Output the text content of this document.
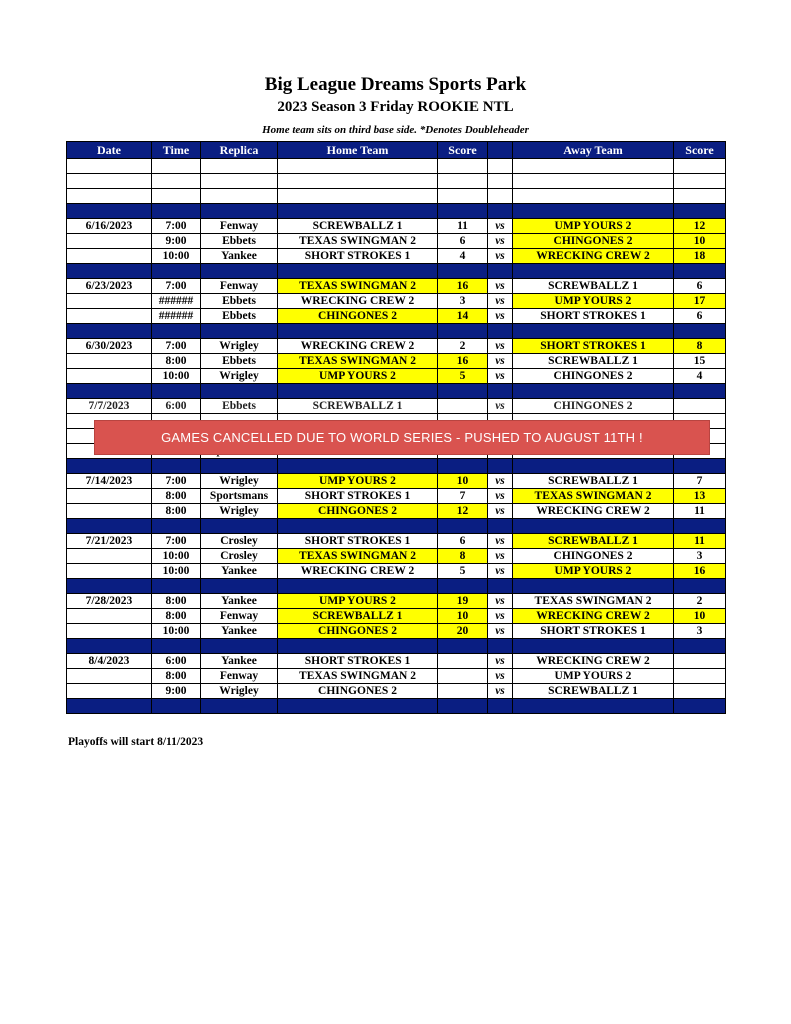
Big League Dreams Sports Park
2023 Season 3 Friday ROOKIE NTL
Home team sits on third base side. *Denotes Doubleheader
Date	Time	Replica	Home Team	Score		Away Team	Score

6/16/2023	7:00	Fenway	SCREWBALLZ 1	11	vs	UMP YOURS 2	12
	9:00	Ebbets	TEXAS SWINGMAN 2	6	vs	CHINGONES 2	10
	10:00	Yankee	SHORT STROKES 1	4	vs	WRECKING CREW 2	18

6/23/2023	7:00	Fenway	TEXAS SWINGMAN 2	16	vs	SCREWBALLZ 1	6
	######	Ebbets	WRECKING CREW 2	3	vs	UMP YOURS 2	17
	######	Ebbets	CHINGONES 2	14	vs	SHORT STROKES 1	6

6/30/2023	7:00	Wrigley	WRECKING CREW 2	2	vs	SHORT STROKES 1	8
	8:00	Ebbets	TEXAS SWINGMAN 2	16	vs	SCREWBALLZ 1	15
	10:00	Wrigley	UMP YOURS 2	5	vs	CHINGONES 2	4

7/7/2023	6:00	Ebbets	SCREWBALLZ 1		vs	CHINGONES 2	

7/14/2023	7:00	Wrigley	UMP YOURS 2	10	vs	SCREWBALLZ 1	7
	8:00	Sportsmans	SHORT STROKES 1	7	vs	TEXAS SWINGMAN 2	13
	8:00	Wrigley	CHINGONES 2	12	vs	WRECKING CREW 2	11

7/21/2023	7:00	Crosley	SHORT STROKES 1	6	vs	SCREWBALLZ 1	11
	10:00	Crosley	TEXAS SWINGMAN 2	8	vs	CHINGONES 2	3
	10:00	Yankee	WRECKING CREW 2	5	vs	UMP YOURS 2	16

7/28/2023	8:00	Yankee	UMP YOURS 2	19	vs	TEXAS SWINGMAN 2	2
	8:00	Fenway	SCREWBALLZ 1	10	vs	WRECKING CREW 2	10
	10:00	Yankee	CHINGONES 2	20	vs	SHORT STROKES 1	3

8/4/2023	6:00	Yankee	SHORT STROKES 1		vs	WRECKING CREW 2	
	8:00	Fenway	TEXAS SWINGMAN 2		vs	UMP YOURS 2	
	9:00	Wrigley	CHINGONES 2		vs	SCREWBALLZ 1	

GAMES CANCELLED DUE TO WORLD SERIES - PUSHED TO AUGUST 11TH !
Playoffs will start 8/11/2023
